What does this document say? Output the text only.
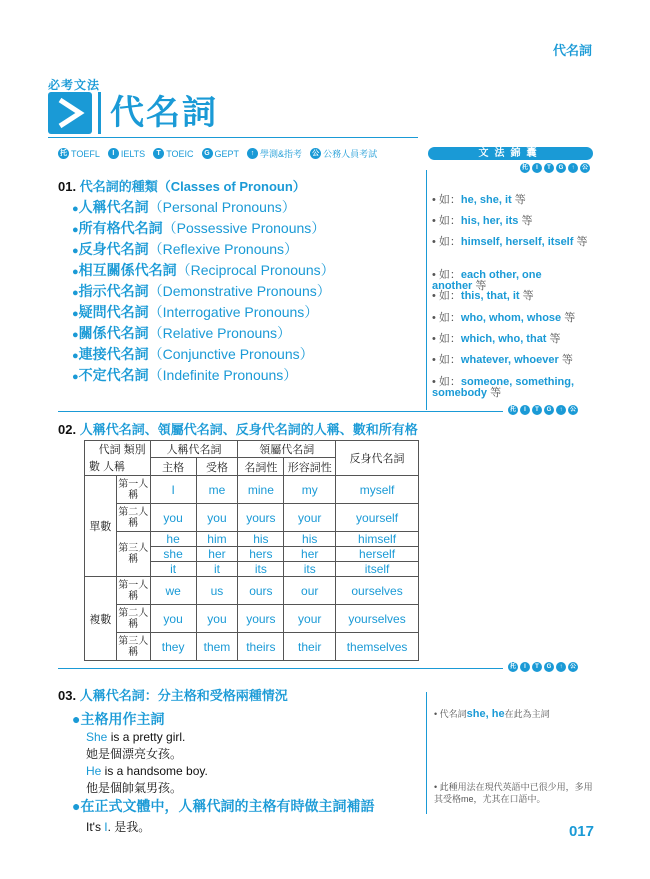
代名詞
必考文法
代名詞
托 TOEFL	I IELTS	T TOEIC	G GEPT	↑ 學測&指考 公 公務人員考試	文法錦囊
托	I	T	G	↑	公
01. 代名詞的種類（Classes of Pronoun）
●人稱代名詞（Personal Pronouns）
●所有格代名詞（Possessive Pronouns）
●反身代名詞（Reflexive Pronouns）
●相互關係代名詞（Reciprocal Pronouns）
●指示代名詞（Demonstrative Pronouns）
●疑問代名詞（Interrogative Pronouns）
●關係代名詞（Relative Pronouns）
●連接代名詞（Conjunctive Pronouns）
●不定代名詞（Indefinite Pronouns）
• 如：he, she, it 等
• 如：his, her, its 等
• 如：himself, herself, itself 等
• 如：each other, one another 等
• 如：this, that, it 等
• 如：who, whom, whose 等
• 如：which, who, that 等
• 如：whatever, whoever 等
• 如：someone, something, somebody 等
托	I	T	G	↑	公
02. 人稱代名詞、領屬代名詞、反身代名詞的人稱、數和所有格
代詞 類別		人稱代名詞		領屬代名詞		反身代名詞
數 人稱		主格	受格	名詞性	形容詞性	
單數	第一人稱	I	me	mine	my	myself
	第二人稱	you	you	yours	your	yourself
	第三人稱	he	him	his	his	himself
		she	her	hers	her	herself
		it	it	its	its	itself
複數	第一人稱	we	us	ours	our	ourselves
	第二人稱	you	you	yours	your	yourselves
	第三人稱	they	them	theirs	their	themselves
托	I	T	G	↑	公
03. 人稱代名詞：分主格和受格兩種情況
●主格用作主詞
She is a pretty girl.
她是個漂亮女孩。
He is a handsome boy.
他是個帥氣男孩。
●在正式文體中，人稱代詞的主格有時做主詞補語
It's I. 是我。
• 代名詞she, he在此為主詞
• 此種用法在現代英語中已很少用，多用其受格me，尤其在口語中。
017
